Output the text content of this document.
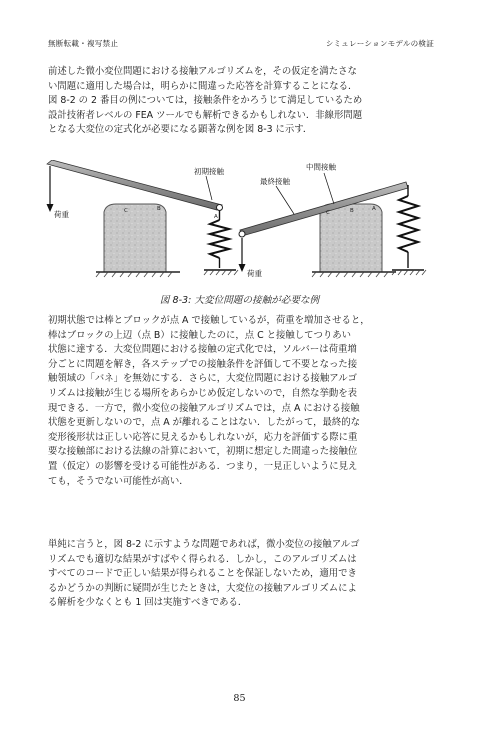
無断転載・複写禁止	シミュレーションモデルの検証
前述した微小変位問題における接触アルゴリズムを，その仮定を満たさな
い問題に適用した場合は，明らかに間違った応答を計算することになる．
図 8-2 の 2 番目の例については，接触条件をかろうじて満足しているため
設計技術者レベルの FEA ツールでも解析できるかもしれない．非線形問題
となる大変位の定式化が必要になる顕著な例を図 8-3 に示す．
荷重	C	B
A
初期接触
荷重
C	B	A
最終接触
中間接触
図 8-3: 大変位問題の接触が必要な例
初期状態では棒とブロックが点 A で接触しているが，荷重を増加させると，
棒はブロックの上辺（点 B）に接触したのに，点 C と接触してつりあい
状態に達する．大変位問題における接触の定式化では，ソルバーは荷重増
分ごとに問題を解き，各ステップでの接触条件を評価して不要となった接
触領域の「バネ」を無効にする．さらに，大変位問題における接触アルゴ
リズムは接触が生じる場所をあらかじめ仮定しないので，自然な挙動を表
現できる．一方で，微小変位の接触アルゴリズムでは，点 A における接触
状態を更新しないので，点 A が離れることはない．したがって，最終的な
変形後形状は正しい応答に見えるかもしれないが，応力を評価する際に重
要な接触部における法線の計算において，初期に想定した間違った接触位
置（仮定）の影響を受ける可能性がある．つまり，一見正しいように見え
ても，そうでない可能性が高い．
単純に言うと，図 8-2 に示すような問題であれば，微小変位の接触アルゴ
リズムでも適切な結果がすばやく得られる．しかし，このアルゴリズムは
すべてのコードで正しい結果が得られることを保証しないため，適用でき
るかどうかの判断に疑問が生じたときは，大変位の接触アルゴリズムによ
る解析を少なくとも 1 回は実施すべきである．
85
